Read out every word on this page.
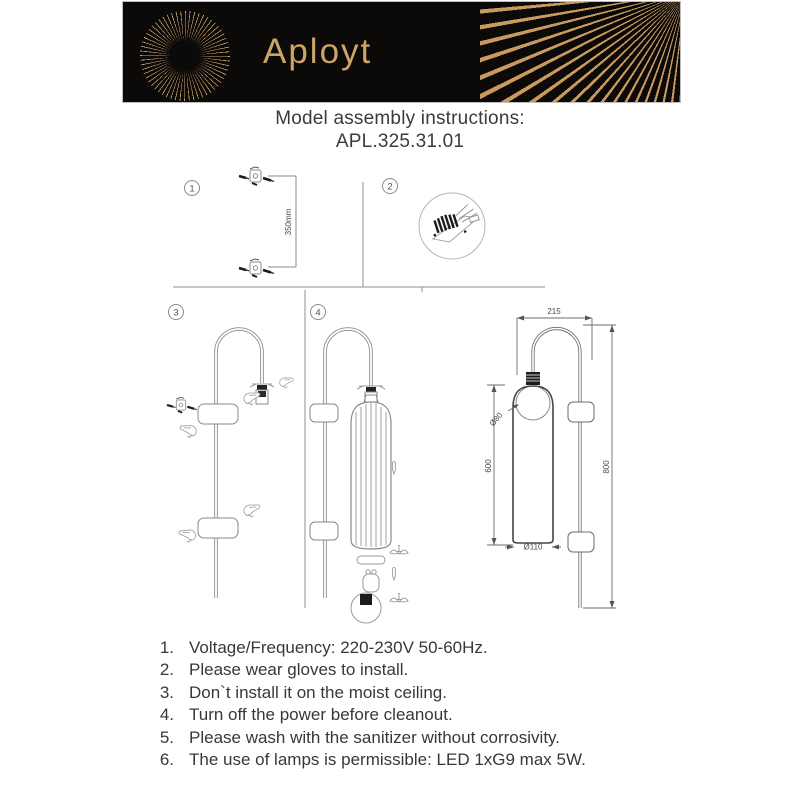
Aployt
Model assembly instructions:
APL.325.31.01
1
350mm
2
3	4	215
800
600
Ø110
Ø80
1. Voltage/Frequency: 220-230V 50-60Hz.
2. Please wear gloves to install.
3. Don`t install it on the moist ceiling.
4. Turn off the power before cleanout.
5. Please wash with the sanitizer without corrosivity.
6. The use of lamps is permissible: LED 1xG9 max 5W.
